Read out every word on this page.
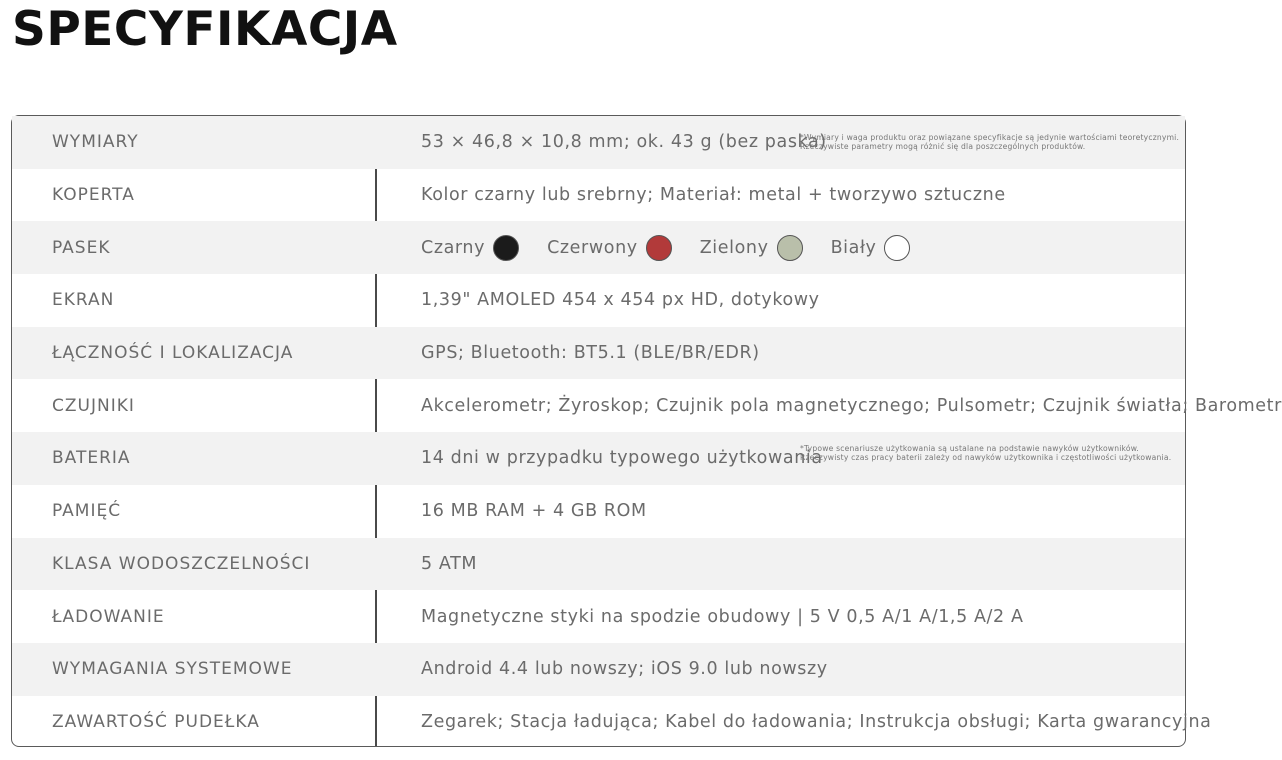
SPECYFIKACJA
WYMIARY	53 × 46,8 × 10,8 mm; ok. 43 g (bez paska)
*Wymiary i waga produktu oraz powiązane specyfikacje są jedynie wartościami teoretycznymi. Rzeczywiste parametry mogą różnić się dla poszczególnych produktów.
KOPERTA	Kolor czarny lub srebrny; Materiał: metal + tworzywo sztuczne
PASEK	Czarny	Czerwony	Zielony	Biały
EKRAN	1,39" AMOLED 454 x 454 px HD, dotykowy
ŁĄCZNOŚĆ I LOKALIZACJA	GPS; Bluetooth: BT5.1 (BLE/BR/EDR)
CZUJNIKI	Akcelerometr; Żyroskop; Czujnik pola magnetycznego; Pulsometr; Czujnik światła; Barometr
BATERIA	14 dni w przypadku typowego użytkowania
*Typowe scenariusze użytkowania są ustalane na podstawie nawyków użytkowników. Rzeczywisty czas pracy baterii zależy od nawyków użytkownika i częstotliwości użytkowania.
PAMIĘĆ	16 MB RAM + 4 GB ROM
KLASA WODOSZCZELNOŚCI	5 ATM
ŁADOWANIE	Magnetyczne styki na spodzie obudowy | 5 V 0,5 A/1 A/1,5 A/2 A
WYMAGANIA SYSTEMOWE	Android 4.4 lub nowszy; iOS 9.0 lub nowszy
ZAWARTOŚĆ PUDEŁKA	Zegarek; Stacja ładująca; Kabel do ładowania; Instrukcja obsługi; Karta gwarancyjna
